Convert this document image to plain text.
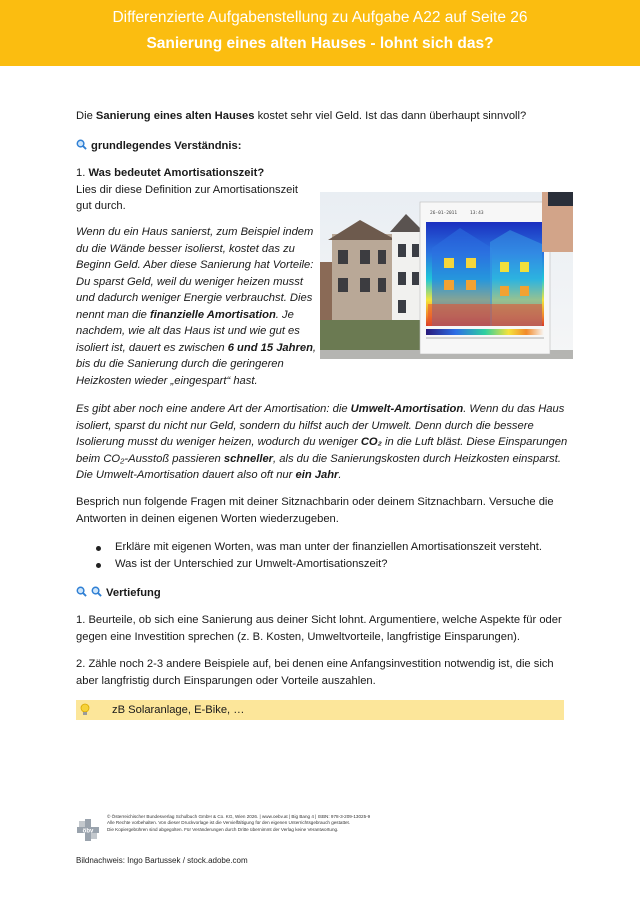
Differenzierte Aufgabenstellung zu Aufgabe A22 auf Seite 26
Sanierung eines alten Hauses - lohnt sich das?

Die Sanierung eines alten Hauses kostet sehr viel Geld. Ist das dann überhaupt sinnvoll?

grundlegendes Verständnis:

1. Was bedeutet Amortisationszeit?
Lies dir diese Definition zur Amortisationszeit
gut durch.

Wenn du ein Haus sanierst, zum Beispiel indem
du die Wände besser isolierst, kostet das zu
Beginn Geld. Aber diese Sanierung hat Vorteile:
Du sparst Geld, weil du weniger heizen musst
und dadurch weniger Energie verbrauchst. Dies
nennt man die finanzielle Amortisation. Je
nachdem, wie alt das Haus ist und wie gut es
isoliert ist, dauert es zwischen 6 und 15 Jahren,
bis du die Sanierung durch die geringeren
Heizkosten wieder „eingespart“ hast.
26-01-2011	13:43

Es gibt aber noch eine andere Art der Amortisation: die Umwelt-Amortisation. Wenn du das Haus isoliert, sparst du nicht nur Geld, sondern du hilfst auch der Umwelt. Denn durch die bessere Isolierung musst du weniger heizen, wodurch du weniger CO₂ in die Luft bläst. Diese Einsparungen beim CO₂-Ausstoß passieren schneller, als du die Sanierungskosten durch Heizkosten einsparst. Die Umwelt-Amortisation dauert also oft nur ein Jahr.

Besprich nun folgende Fragen mit deiner Sitznachbarin oder deinem Sitznachbarn. Versuche die Antworten in deinen eigenen Worten wiederzugeben.

Erkläre mit eigenen Worten, was man unter der finanziellen Amortisationszeit versteht.

Was ist der Unterschied zur Umwelt-Amortisationszeit?

Vertiefung

1. Beurteile, ob sich eine Sanierung aus deiner Sicht lohnt. Argumentiere, welche Aspekte für oder gegen eine Investition sprechen (z. B. Kosten, Umweltvorteile, langfristige Einsparungen).

2. Zähle noch 2-3 andere Beispiele auf, bei denen eine Anfangsinvestition notwendig ist, die sich aber langfristig durch Einsparungen oder Vorteile auszahlen.

zB Solaranlage, E-Bike, …
öbv
© Österreichischer Bundesverlag Schulbuch GmbH & Co. KG, Wien 2026. | www.oebv.at | Big Bang 4 | ISBN: 978-3-209-13025-9
Alle Rechte vorbehalten. Von dieser Druckvorlage ist die Vervielfältigung für den eigenen Unterrichtsgebrauch gestattet.
Die Kopiergebühren sind abgegolten. Für Veränderungen durch Dritte übernimmt der Verlag keine Verantwortung.
Bildnachweis: Ingo Bartussek / stock.adobe.com
